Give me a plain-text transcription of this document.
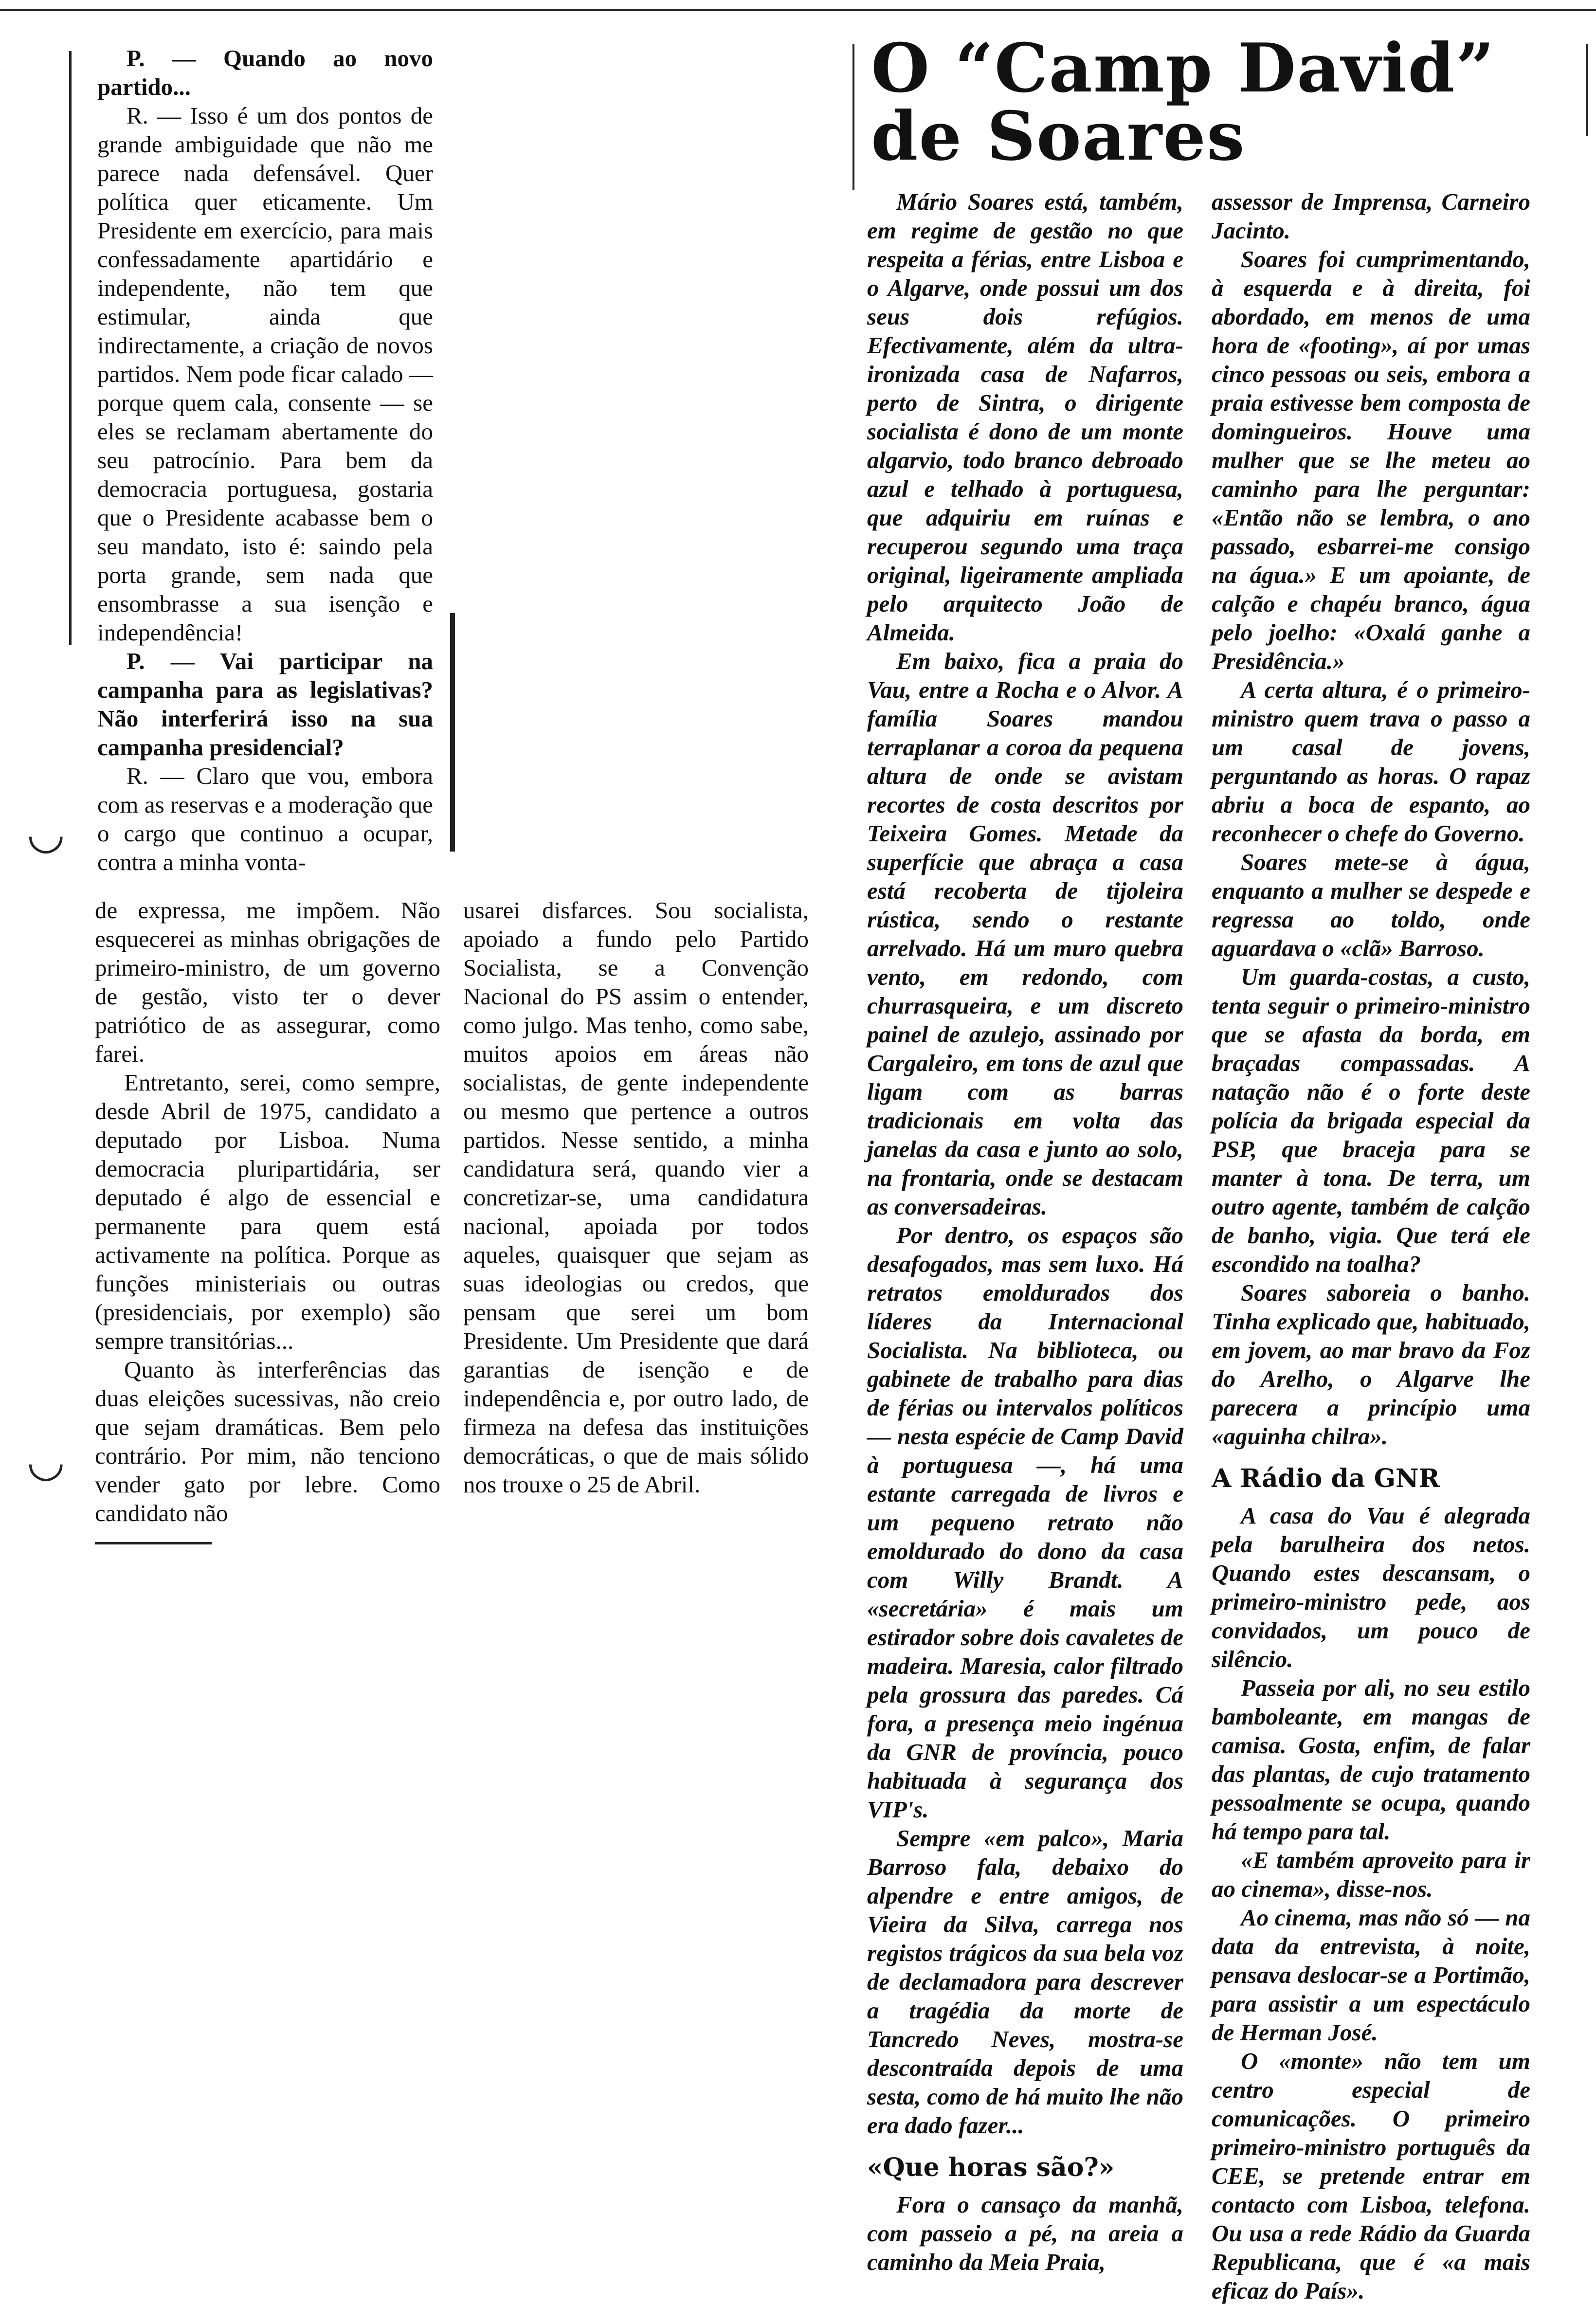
◡
◡

P. — Quando ao novo partido...

R. — Isso é um dos pontos de grande ambiguidade que não me parece nada defensável. Quer política quer eticamente. Um Presidente em exercício, para mais confessadamente apartidário e independente, não tem que estimular, ainda que indirectamente, a criação de novos partidos. Nem pode ficar calado — porque quem cala, consente — se eles se reclamam abertamente do seu patrocínio. Para bem da democracia portuguesa, gostaria que o Presidente acabasse bem o seu mandato, isto é: saindo pela porta grande, sem nada que ensombrasse a sua isenção e independência!

P. — Vai participar na campanha para as legislativas? Não interferirá isso na sua campanha presidencial?

R. — Claro que vou, embora com as reservas e a moderação que o cargo que continuo a ocupar, contra a minha vonta-

de expressa, me impõem. Não esquecerei as minhas obrigações de primeiro-ministro, de um governo de gestão, visto ter o dever patriótico de as assegurar, como farei.

Entretanto, serei, como sempre, desde Abril de 1975, candidato a deputado por Lisboa. Numa democracia pluripartidária, ser deputado é algo de essencial e permanente para quem está activamente na política. Porque as funções ministeriais ou outras (presidenciais, por exemplo) são sempre transitórias...

Quanto às interferências das duas eleições sucessivas, não creio que sejam dramáticas. Bem pelo contrário. Por mim, não tenciono vender gato por lebre. Como candidato não

usarei disfarces. Sou socialista, apoiado a fundo pelo Partido Socialista, se a Convenção Nacional do PS assim o entender, como julgo. Mas tenho, como sabe, muitos apoios em áreas não socialistas, de gente independente ou mesmo que pertence a outros partidos. Nesse sentido, a minha candidatura será, quando vier a concretizar-se, uma candidatura nacional, apoiada por todos aqueles, quaisquer que sejam as suas ideologias ou credos, que pensam que serei um bom Presidente. Um Presidente que dará garantias de isenção e de independência e, por outro lado, de firmeza na defesa das instituições democráticas, o que de mais sólido nos trouxe o 25 de Abril.

O “Camp David”
de Soares

Mário Soares está, também, em regime de gestão no que respeita a férias, entre Lisboa e o Algarve, onde possui um dos seus dois refúgios. Efectivamente, além da ultra-ironizada casa de Nafarros, perto de Sintra, o dirigente socialista é dono de um monte algarvio, todo branco debroado azul e telhado à portuguesa, que adquiriu em ruínas e recuperou segundo uma traça original, ligeiramente ampliada pelo arquitecto João de Almeida.

Em baixo, fica a praia do Vau, entre a Rocha e o Alvor. A família Soares mandou terraplanar a coroa da pequena altura de onde se avistam recortes de costa descritos por Teixeira Gomes. Metade da superfície que abraça a casa está recoberta de tijoleira rústica, sendo o restante arrelvado. Há um muro quebra vento, em redondo, com churrasqueira, e um discreto painel de azulejo, assinado por Cargaleiro, em tons de azul que ligam com as barras tradicionais em volta das janelas da casa e junto ao solo, na frontaria, onde se destacam as conversadeiras.

Por dentro, os espaços são desafogados, mas sem luxo. Há retratos emoldurados dos líderes da Internacional Socialista. Na biblioteca, ou gabinete de trabalho para dias de férias ou intervalos políticos — nesta espécie de Camp David à portuguesa —, há uma estante carregada de livros e um pequeno retrato não emoldurado do dono da casa com Willy Brandt. A «secretária» é mais um estirador sobre dois cavaletes de madeira. Maresia, calor filtrado pela grossura das paredes. Cá fora, a presença meio ingénua da GNR de província, pouco habituada à segurança dos VIP's.

Sempre «em palco», Maria Barroso fala, debaixo do alpendre e entre amigos, de Vieira da Silva, carrega nos registos trágicos da sua bela voz de declamadora para descrever a tragédia da morte de Tancredo Neves, mostra-se descontraída depois de uma sesta, como de há muito lhe não era dado fazer...

«Que horas são?»

Fora o cansaço da manhã, com passeio a pé, na areia a caminho da Meia Praia,

assessor de Imprensa, Carneiro Jacinto.

Soares foi cumprimentando, à esquerda e à direita, foi abordado, em menos de uma hora de «footing», aí por umas cinco pessoas ou seis, embora a praia estivesse bem composta de domingueiros. Houve uma mulher que se lhe meteu ao caminho para lhe perguntar: «Então não se lembra, o ano passado, esbarrei-me consigo na água.» E um apoiante, de calção e chapéu branco, água pelo joelho: «Oxalá ganhe a Presidência.»

A certa altura, é o primeiro-ministro quem trava o passo a um casal de jovens, perguntando as horas. O rapaz abriu a boca de espanto, ao reconhecer o chefe do Governo.

Soares mete-se à água, enquanto a mulher se despede e regressa ao toldo, onde aguardava o «clã» Barroso.

Um guarda-costas, a custo, tenta seguir o primeiro-ministro que se afasta da borda, em braçadas compassadas. A natação não é o forte deste polícia da brigada especial da PSP, que braceja para se manter à tona. De terra, um outro agente, também de calção de banho, vigia. Que terá ele escondido na toalha?

Soares saboreia o banho. Tinha explicado que, habituado, em jovem, ao mar bravo da Foz do Arelho, o Algarve lhe parecera a princípio uma «aguinha chilra».

A Rádio da GNR

A casa do Vau é alegrada pela barulheira dos netos. Quando estes descansam, o primeiro-ministro pede, aos convidados, um pouco de silêncio.

Passeia por ali, no seu estilo bamboleante, em mangas de camisa. Gosta, enfim, de falar das plantas, de cujo tratamento pessoalmente se ocupa, quando há tempo para tal.

«E também aproveito para ir ao cinema», disse-nos.

Ao cinema, mas não só — na data da entrevista, à noite, pensava deslocar-se a Portimão, para assistir a um espectáculo de Herman José.

O «monte» não tem um centro especial de comunicações. O primeiro primeiro-ministro português da CEE, se pretende entrar em contacto com Lisboa, telefona. Ou usa a rede Rádio da Guarda Republicana, que é «a mais eficaz do País».
